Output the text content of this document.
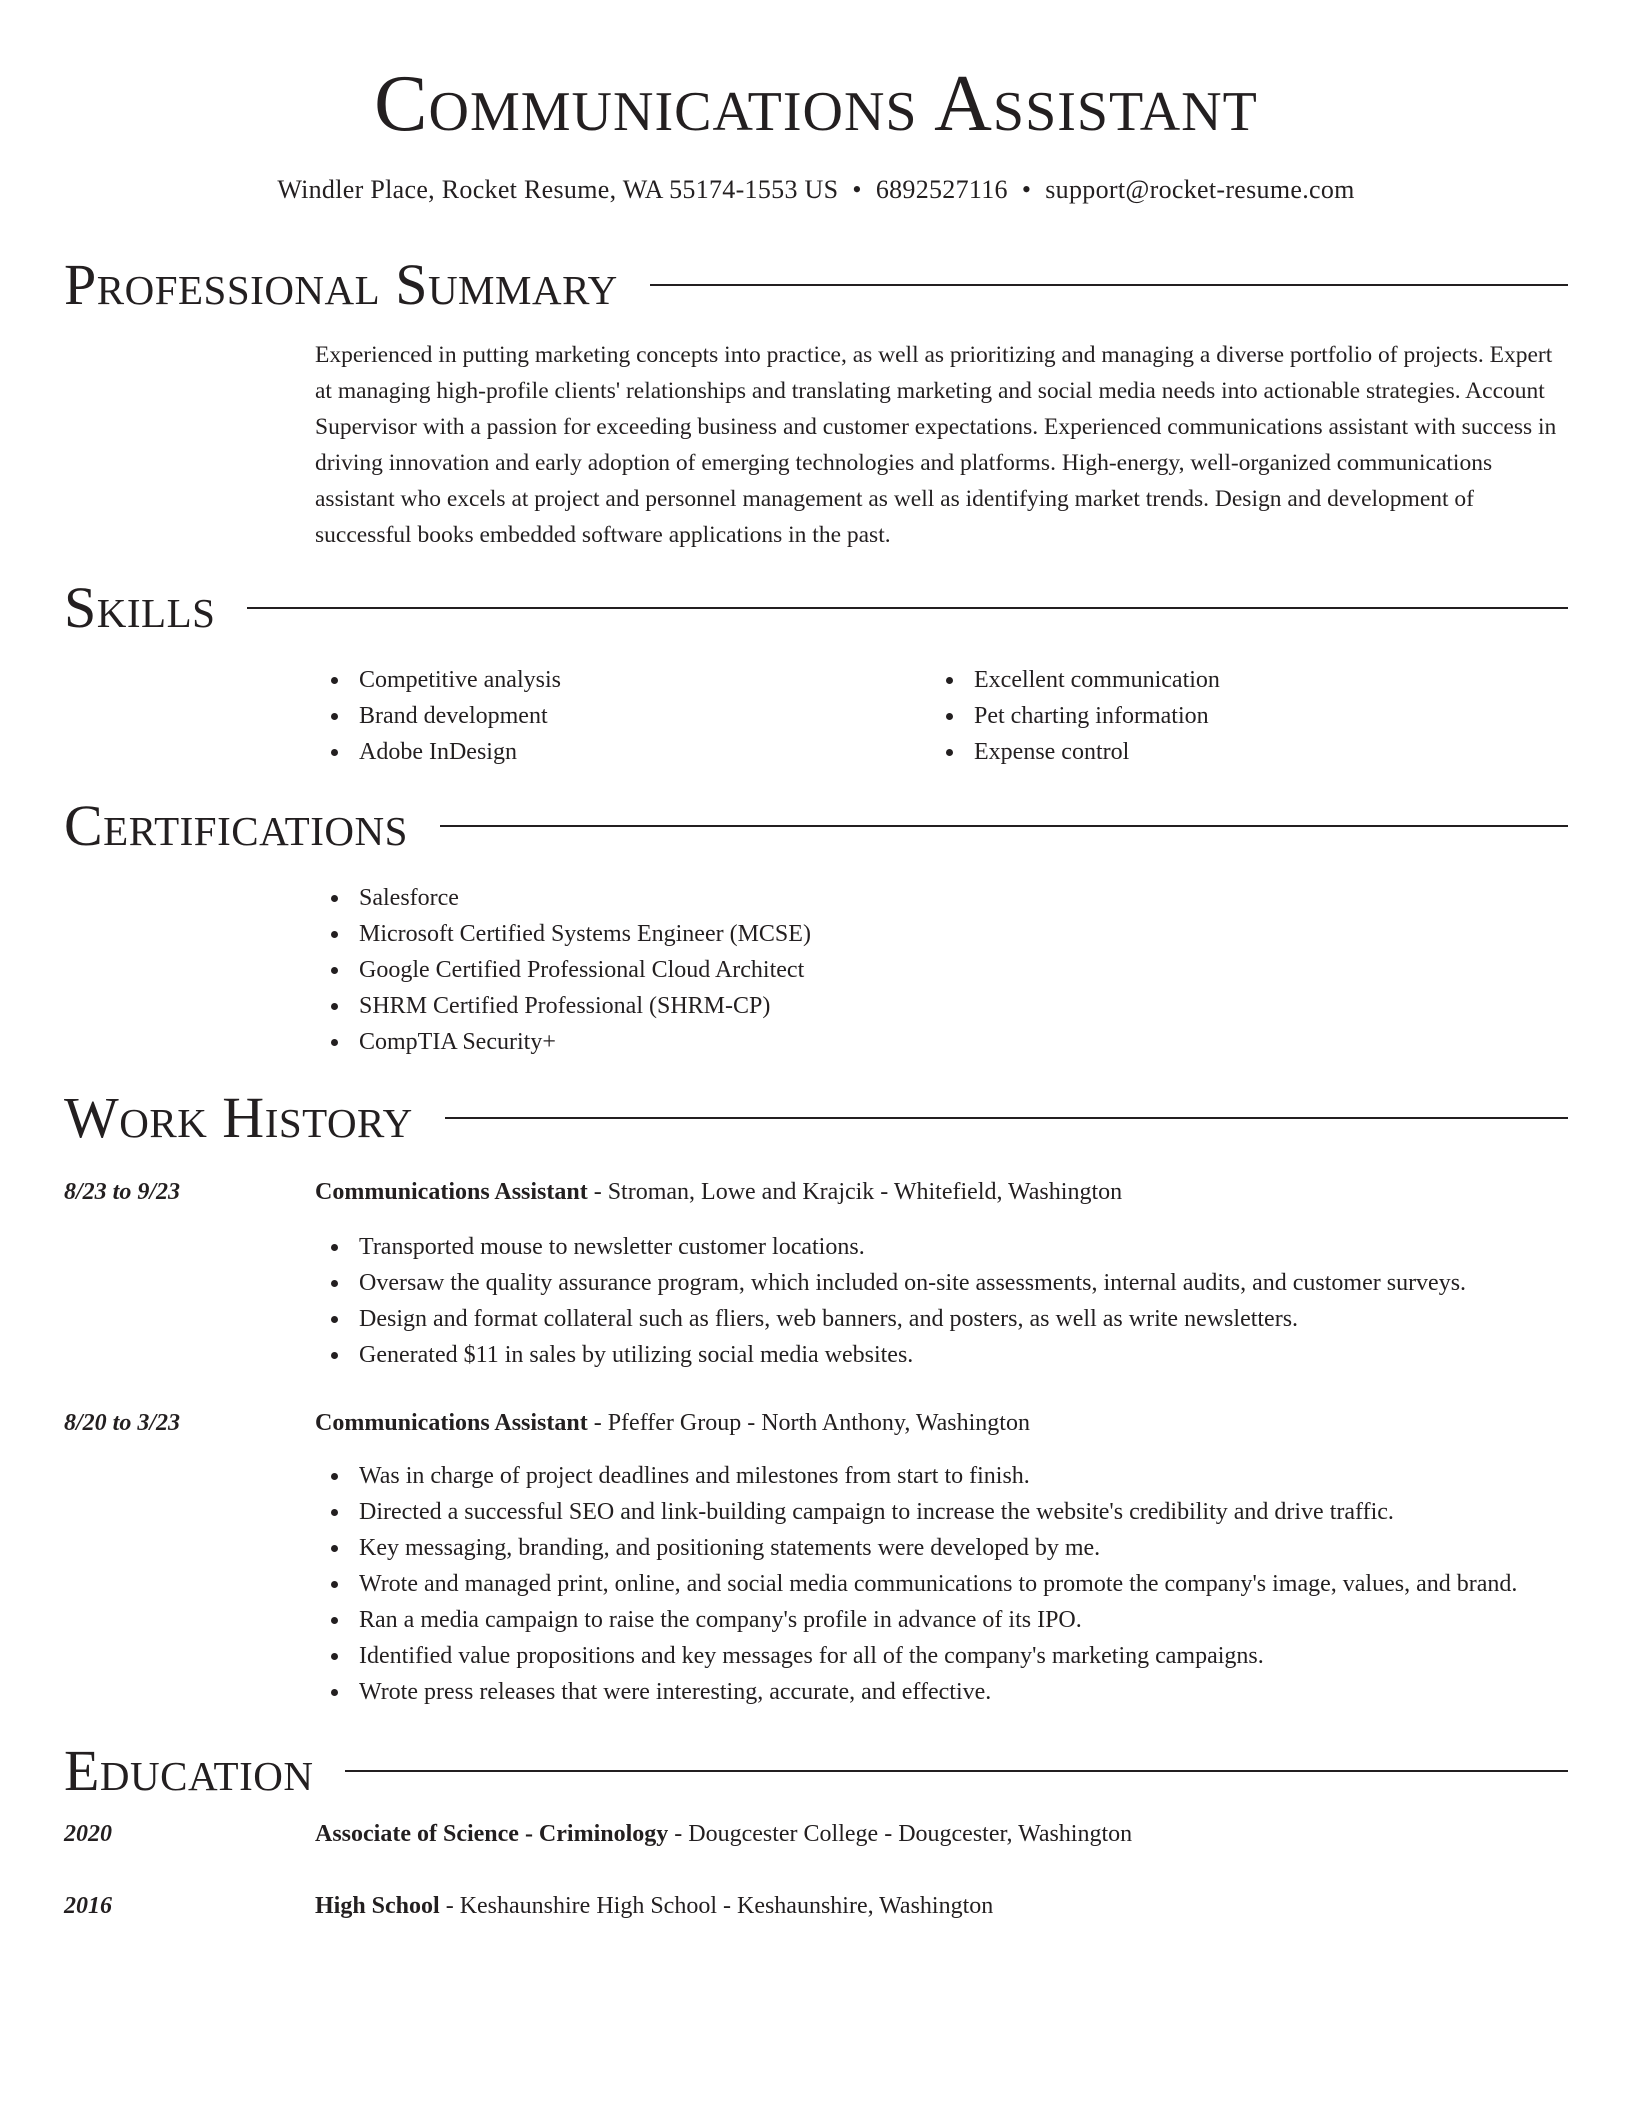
Communications Assistant
Windler Place, Rocket Resume, WA 55174-1553 US • 6892527116 • support@rocket-resume.com
Professional Summary

Experienced in putting marketing concepts into practice, as well as prioritizing and managing a diverse portfolio of projects. Expert at managing high-profile clients' relationships and translating marketing and social media needs into actionable strategies. Account Supervisor with a passion for exceeding business and customer expectations. Experienced communications assistant with success in driving innovation and early adoption of emerging technologies and platforms. High-energy, well-organized communications assistant who excels at project and personnel management as well as identifying market trends. Design and development of successful books embedded software applications in the past.

Skills
Competitive analysis
Brand development
Adobe InDesign
Excellent communication
Pet charting information
Expense control
Certifications
Salesforce
Microsoft Certified Systems Engineer (MCSE)
Google Certified Professional Cloud Architect
SHRM Certified Professional (SHRM-CP)
CompTIA Security+
Work History
8/23 to 9/23	Communications Assistant - Stroman, Lowe and Krajcik - Whitefield, Washington
Transported mouse to newsletter customer locations.
Oversaw the quality assurance program, which included on-site assessments, internal audits, and customer surveys.
Design and format collateral such as fliers, web banners, and posters, as well as write newsletters.
Generated $11 in sales by utilizing social media websites.
8/20 to 3/23	Communications Assistant - Pfeffer Group - North Anthony, Washington
Was in charge of project deadlines and milestones from start to finish.
Directed a successful SEO and link-building campaign to increase the website's credibility and drive traffic.
Key messaging, branding, and positioning statements were developed by me.
Wrote and managed print, online, and social media communications to promote the company's image, values, and brand.
Ran a media campaign to raise the company's profile in advance of its IPO.
Identified value propositions and key messages for all of the company's marketing campaigns.
Wrote press releases that were interesting, accurate, and effective.
Education
2020	Associate of Science - Criminology - Dougcester College - Dougcester, Washington
2016	High School - Keshaunshire High School - Keshaunshire, Washington
